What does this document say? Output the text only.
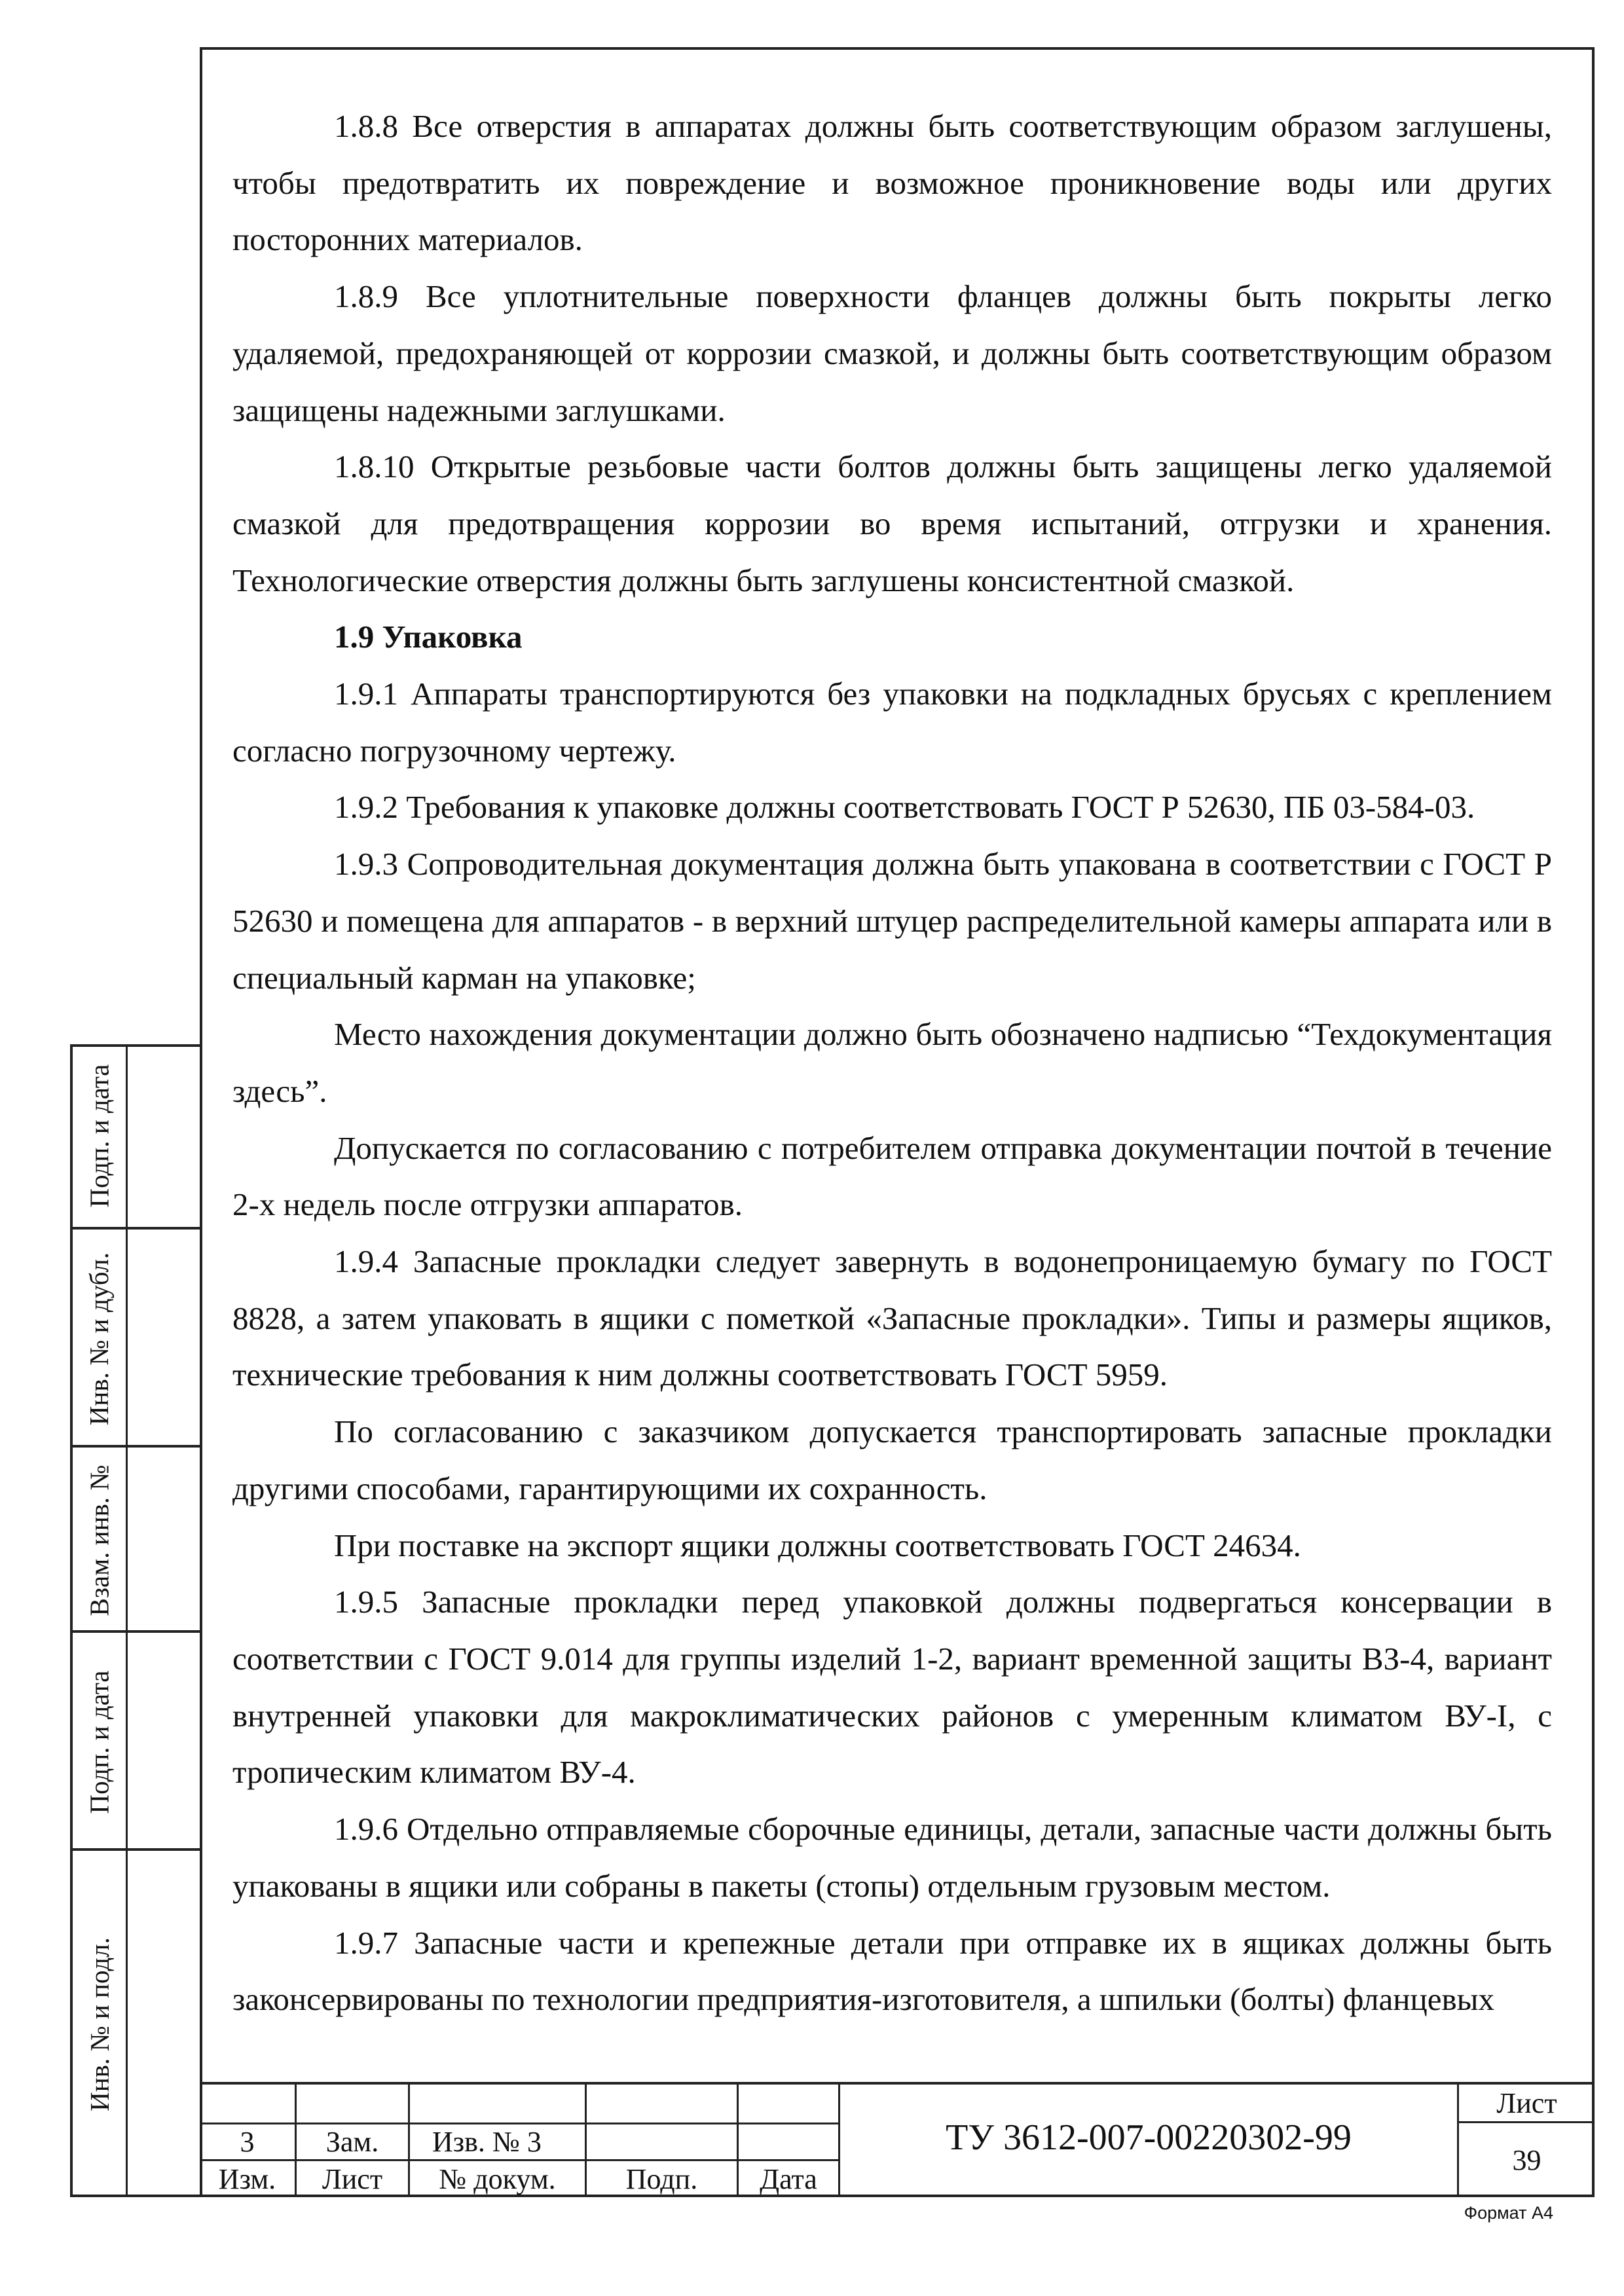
1.8.8 Все отверстия в аппаратах должны быть соответствующим образом заглушены, чтобы предотвратить их повреждение и возможное проникновение воды или других посторонних материалов.

1.8.9 Все уплотнительные поверхности фланцев должны быть покрыты легко удаляемой, предохраняющей от коррозии смазкой, и должны быть соответствующим образом защищены надежными заглушками.

1.8.10 Открытые резьбовые части болтов должны быть защищены легко удаляемой смазкой для предотвращения коррозии во время испытаний, отгрузки и хранения. Технологические отверстия должны быть заглушены консистентной смазкой.

1.9 Упаковка

1.9.1 Аппараты транспортируются без упаковки на подкладных брусьях с креплением согласно погрузочному чертежу.

1.9.2 Требования к упаковке должны соответствовать ГОСТ Р 52630, ПБ 03-584-03.

1.9.3 Сопроводительная документация должна быть упакована в соответствии с ГОСТ Р 52630 и помещена для аппаратов - в верхний штуцер распределительной камеры аппарата или в специальный карман на упаковке;

Место нахождения документации должно быть обозначено надписью “Техдокументация здесь”.

Допускается по согласованию с потребителем отправка документации почтой в течение 2-х недель после отгрузки аппаратов.

1.9.4 Запасные прокладки следует завернуть в водонепроницаемую бумагу по ГОСТ 8828, а затем упаковать в ящики с пометкой «Запасные прокладки». Типы и размеры ящиков, технические требования к ним должны соответствовать ГОСТ 5959.

По согласованию с заказчиком допускается транспортировать запасные прокладки другими способами, гарантирующими их сохранность.

При поставке на экспорт ящики должны соответствовать ГОСТ 24634.

1.9.5 Запасные прокладки перед упаковкой должны подвергаться консервации в соответствии с ГОСТ 9.014 для группы изделий 1-2, вариант временной защиты ВЗ-4, вариант внутренней упаковки для макроклиматических районов с умеренным климатом ВУ-I, с тропическим климатом ВУ-4.

1.9.6 Отдельно отправляемые сборочные единицы, детали, запасные части должны быть упакованы в ящики или собраны в пакеты (стопы) отдельным грузовым местом.

1.9.7 Запасные части и крепежные детали при отправке их в ящиках должны быть законсервированы по технологии предприятия-изготовителя, а шпильки (болты) фланцевых

Подп. и дата
Инв. № и дубл.
Взам. инв. №
Подп. и дата
Инв. № и подл.
3	Зам.	Изв. № 3
Изм.	Лист	№ докум.	Подп.	Дата
ТУ 3612-007-00220302-99
Лист
39
Формат А4
